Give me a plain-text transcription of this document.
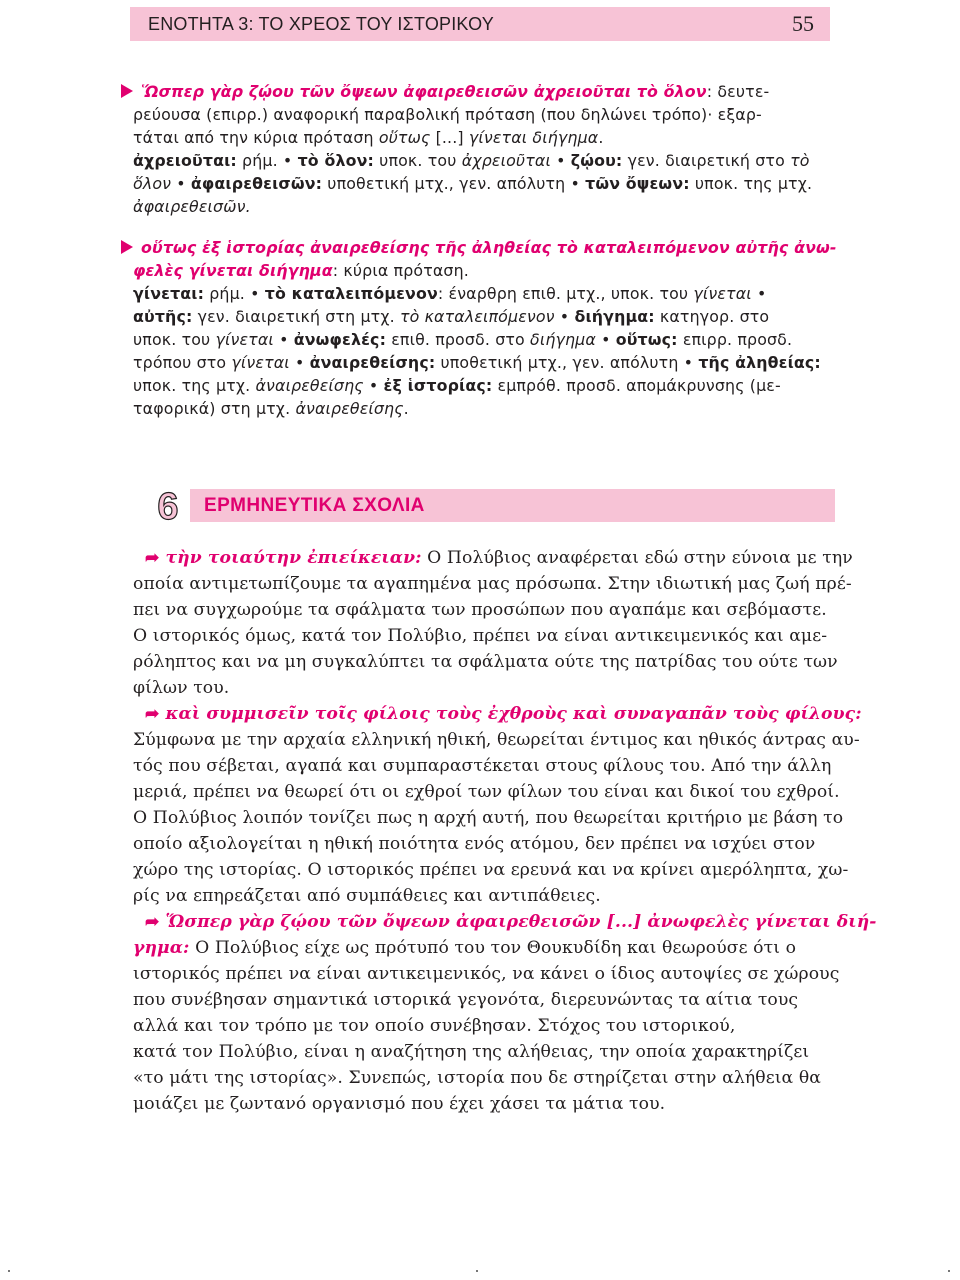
ΕΝΟΤΗΤΑ 3: ΤΟ ΧΡΕΟΣ ΤΟΥ ΙΣΤΟΡΙΚΟΥ	55
Ὥσπερ γὰρ ζῴου τῶν ὄψεων ἀφαιρεθεισῶν ἀχρειοῦται τὸ ὅλον: δευτε-
ρεύουσα (επιρρ.) αναφορική παραβολική πρόταση (που δηλώνει τρόπο)· εξαρ-
τάται από την κύρια πρόταση οὕτως [...] γίνεται διήγημα.
ἀχρειοῦται: ρήμ. • τὸ ὅλον: υποκ. του ἀχρειοῦται • ζῴου: γεν. διαιρετική στο τὸ
ὅλον • ἀφαιρεθεισῶν: υποθετική μτχ., γεν. απόλυτη • τῶν ὄψεων: υποκ. της μτχ.
ἀφαιρεθεισῶν.
οὕτως ἐξ ἱστορίας ἀναιρεθείσης τῆς ἀληθείας τὸ καταλειπόμενον αὐτῆς ἀνω-
φελὲς γίνεται διήγημα: κύρια πρόταση.
γίνεται: ρήμ. • τὸ καταλειπόμενον: έναρθρη επιθ. μτχ., υποκ. του γίνεται •
αὐτῆς: γεν. διαιρετική στη μτχ. τὸ καταλειπόμενον • διήγημα: κατηγορ. στο
υποκ. του γίνεται • ἀνωφελές: επιθ. προσδ. στο διήγημα • οὕτως: επιρρ. προσδ.
τρόπου στο γίνεται • ἀναιρεθείσης: υποθετική μτχ., γεν. απόλυτη • τῆς ἀληθείας:
υποκ. της μτχ. ἀναιρεθείσης • ἐξ ἱστορίας: εμπρόθ. προσδ. απομάκρυνσης (με-
ταφορικά) στη μτχ. ἀναιρεθείσης.
6 ΕΡΜΗΝΕΥΤΙΚΑ ΣΧΟΛΙΑ
➦ τὴν τοιαύτην ἐπιείκειαν: Ο Πολύβιος αναφέρεται εδώ στην εύνοια με την
οποία αντιμετωπίζουμε τα αγαπημένα μας πρόσωπα. Στην ιδιωτική μας ζωή πρέ-
πει να συγχωρούμε τα σφάλματα των προσώπων που αγαπάμε και σεβόμαστε.
Ο ιστορικός όμως, κατά τον Πολύβιο, πρέπει να είναι αντικειμενικός και αμε-
ρόληπτος και να μη συγκαλύπτει τα σφάλματα ούτε της πατρίδας του ούτε των
φίλων του.
➦ καὶ συμμισεῖν τοῖς φίλοις τοὺς ἐχθροὺς καὶ συναγαπᾶν τοὺς φίλους:
Σύμφωνα με την αρχαία ελληνική ηθική, θεωρείται έντιμος και ηθικός άντρας αυ-
τός που σέβεται, αγαπά και συμπαραστέκεται στους φίλους του. Από την άλλη
μεριά, πρέπει να θεωρεί ότι οι εχθροί των φίλων του είναι και δικοί του εχθροί.
Ο Πολύβιος λοιπόν τονίζει πως η αρχή αυτή, που θεωρείται κριτήριο με βάση το
οποίο αξιολογείται η ηθική ποιότητα ενός ατόμου, δεν πρέπει να ισχύει στον
χώρο της ιστορίας. Ο ιστορικός πρέπει να ερευνά και να κρίνει αμερόληπτα, χω-
ρίς να επηρεάζεται από συμπάθειες και αντιπάθειες.
➦ Ὥσπερ γὰρ ζῴου τῶν ὄψεων ἀφαιρεθεισῶν [...] ἀνωφελὲς γίνεται διή-
γημα: Ο Πολύβιος είχε ως πρότυπό του τον Θουκυδίδη και θεωρούσε ότι ο
ιστορικός πρέπει να είναι αντικειμενικός, να κάνει ο ίδιος αυτοψίες σε χώρους
που συνέβησαν σημαντικά ιστορικά γεγονότα, διερευνώντας τα αίτια τους
αλλά και τον τρόπο με τον οποίο συνέβησαν. Στόχος του ιστορικού,
κατά τον Πολύβιο, είναι η αναζήτηση της αλήθειας, την οποία χαρακτηρίζει
«το μάτι της ιστορίας». Συνεπώς, ιστορία που δε στηρίζεται στην αλήθεια θα
μοιάζει με ζωντανό οργανισμό που έχει χάσει τα μάτια του.
